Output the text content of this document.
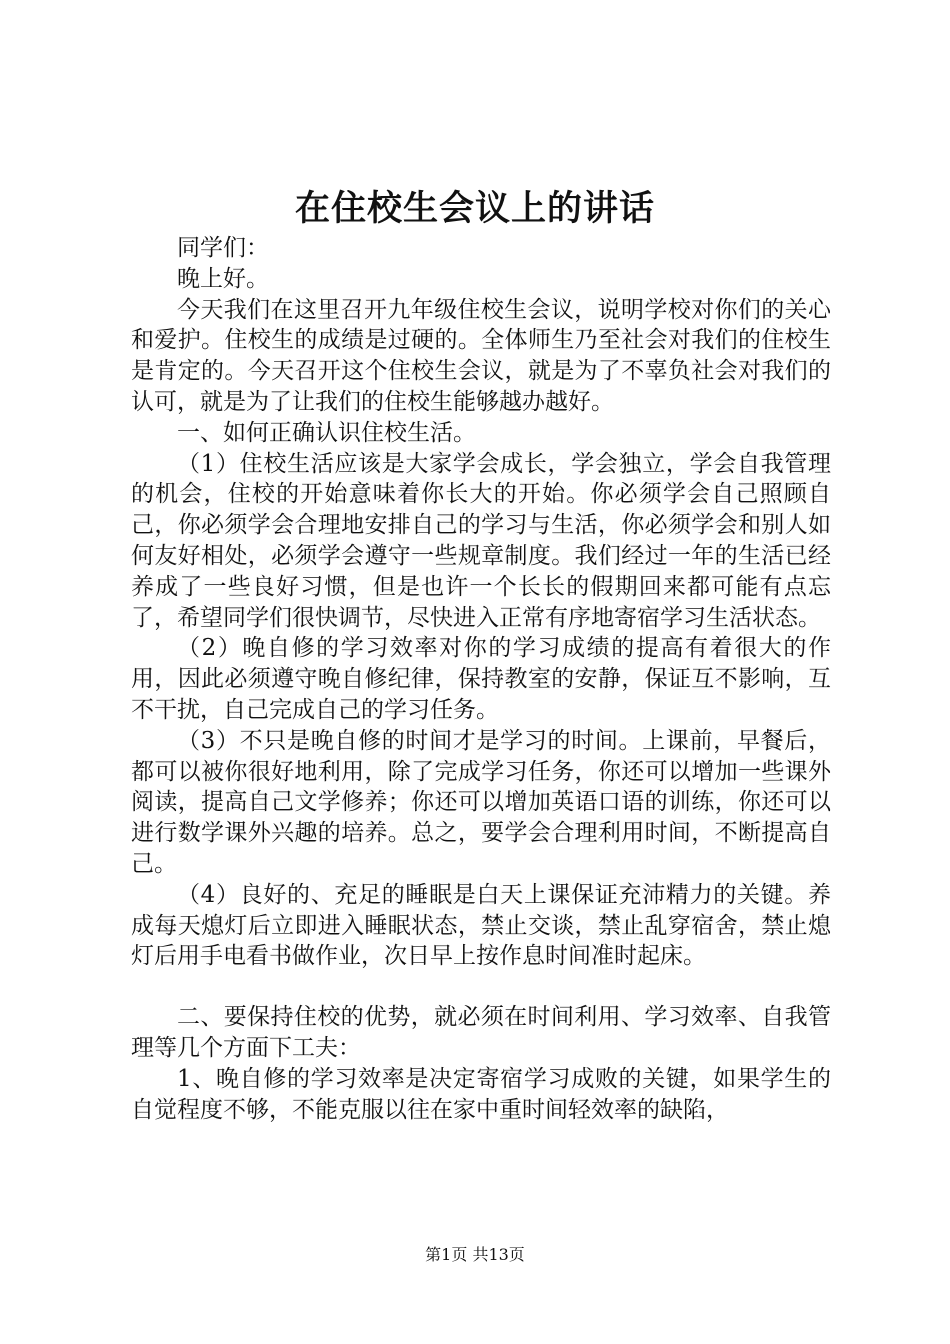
在住校生会议上的讲话

同学们：

晚上好。

今天我们在这里召开九年级住校生会议，说明学校对你们的关心和爱护。住校生的成绩是过硬的。全体师生乃至社会对我们的住校生是肯定的。今天召开这个住校生会议，就是为了不辜负社会对我们的认可，就是为了让我们的住校生能够越办越好。

一、如何正确认识住校生活。

（1）住校生活应该是大家学会成长，学会独立，学会自我管理的机会，住校的开始意味着你长大的开始。你必须学会自己照顾自己，你必须学会合理地安排自己的学习与生活，你必须学会和别人如何友好相处，必须学会遵守一些规章制度。我们经过一年的生活已经养成了一些良好习惯，但是也许一个长长的假期回来都可能有点忘了，希望同学们很快调节，尽快进入正常有序地寄宿学习生活状态。

（2）晚自修的学习效率对你的学习成绩的提高有着很大的作用，因此必须遵守晚自修纪律，保持教室的安静，保证互不影响，互不干扰，自己完成自己的学习任务。

（3）不只是晚自修的时间才是学习的时间。上课前，早餐后，都可以被你很好地利用，除了完成学习任务，你还可以增加一些课外阅读，提高自己文学修养；你还可以增加英语口语的训练，你还可以进行数学课外兴趣的培养。总之，要学会合理利用时间，不断提高自己。

（4）良好的、充足的睡眠是白天上课保证充沛精力的关键。养成每天熄灯后立即进入睡眠状态，禁止交谈，禁止乱穿宿舍，禁止熄灯后用手电看书做作业，次日早上按作息时间准时起床。

二、要保持住校的优势，就必须在时间利用、学习效率、自我管理等几个方面下工夫：

1、晚自修的学习效率是决定寄宿学习成败的关键，如果学生的自觉程度不够，不能克服以往在家中重时间轻效率的缺陷，

第1页 共13页
